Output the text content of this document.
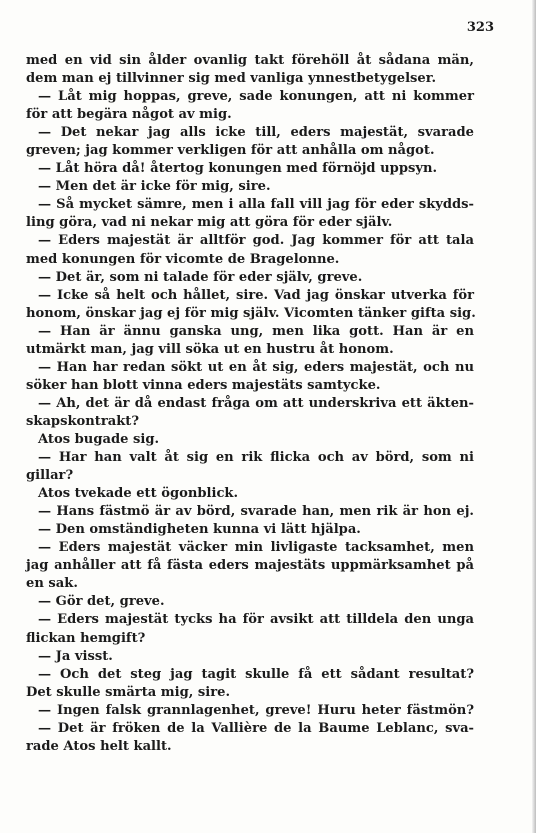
323
med en vid sin ålder ovanlig takt förehöll åt sådana män,
dem man ej tillvinner sig med vanliga ynnestbetygelser.
— Låt mig hoppas, greve, sade konungen, att ni kommer
för att begära något av mig.
— Det nekar jag alls icke till, eders majestät, svarade
greven; jag kommer verkligen för att anhålla om något.
— Låt höra då! återtog konungen med förnöjd uppsyn.
— Men det är icke för mig, sire.
— Så mycket sämre, men i alla fall vill jag för eder skydds-
ling göra, vad ni nekar mig att göra för eder själv.
— Eders majestät är alltför god. Jag kommer för att tala
med konungen för vicomte de Bragelonne.
— Det är, som ni talade för eder själv, greve.
— Icke så helt och hållet, sire. Vad jag önskar utverka för
honom, önskar jag ej för mig själv. Vicomten tänker gifta sig.
— Han är ännu ganska ung, men lika gott. Han är en
utmärkt man, jag vill söka ut en hustru åt honom.
— Han har redan sökt ut en åt sig, eders majestät, och nu
söker han blott vinna eders majestäts samtycke.
— Ah, det är då endast fråga om att underskriva ett äkten-
skapskontrakt?
Atos bugade sig.
— Har han valt åt sig en rik flicka och av börd, som ni
gillar?
Atos tvekade ett ögonblick.
— Hans fästmö är av börd, svarade han, men rik är hon ej.
— Den omständigheten kunna vi lätt hjälpa.
— Eders majestät väcker min livligaste tacksamhet, men
jag anhåller att få fästa eders majestäts uppmärksamhet på
en sak.
— Gör det, greve.
— Eders majestät tycks ha för avsikt att tilldela den unga
flickan hemgift?
— Ja visst.
— Och det steg jag tagit skulle få ett sådant resultat?
Det skulle smärta mig, sire.
— Ingen falsk grannlagenhet, greve! Huru heter fästmön?
— Det är fröken de la Vallière de la Baume Leblanc, sva-
rade Atos helt kallt.
